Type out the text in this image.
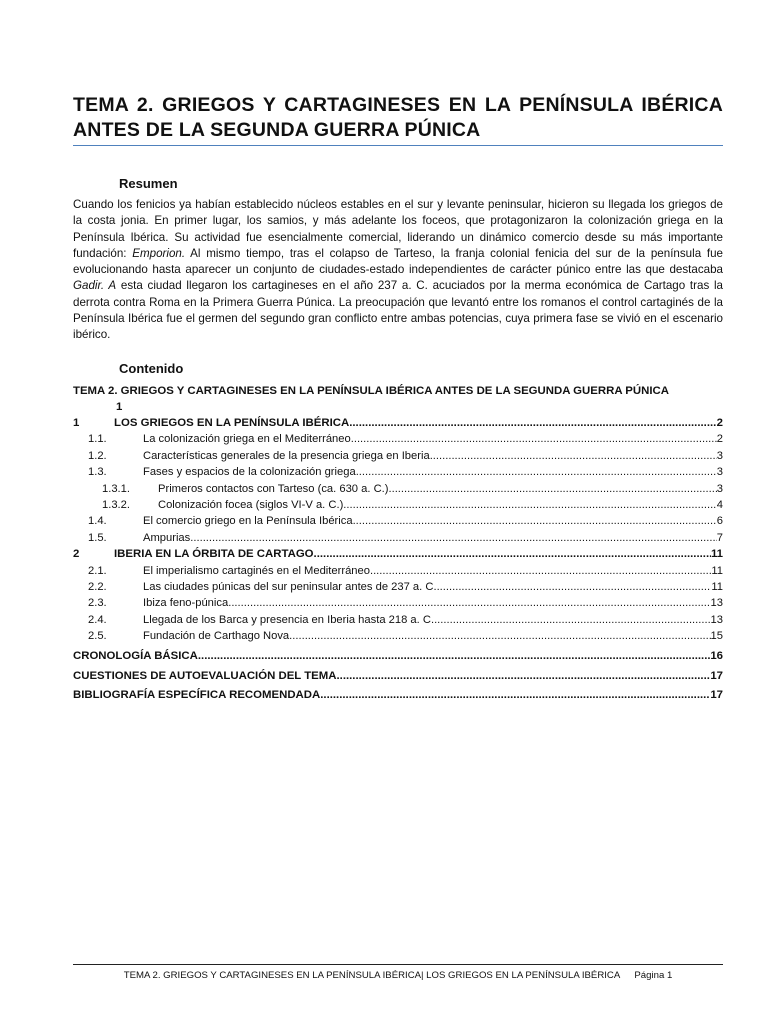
TEMA 2. GRIEGOS Y CARTAGINESES EN LA PENÍNSULA IBÉRICA ANTES DE LA SEGUNDA GUERRA PÚNICA
Resumen

Cuando los fenicios ya habían establecido núcleos estables en el sur y levante peninsular, hicieron su llegada los griegos de la costa jonia. En primer lugar, los samios, y más adelante los foceos, que protagonizaron la colonización griega en la Península Ibérica. Su actividad fue esencialmente comercial, liderando un dinámico comercio desde su más importante fundación: Emporion. Al mismo tiempo, tras el colapso de Tarteso, la franja colonial fenicia del sur de la península fue evolucionando hasta aparecer un conjunto de ciudades-estado independientes de carácter púnico entre las que destacaba Gadir. A esta ciudad llegaron los cartagineses en el año 237 a. C. acuciados por la merma económica de Cartago tras la derrota contra Roma en la Primera Guerra Púnica. La preocupación que levantó entre los romanos el control cartaginés de la Península Ibérica fue el germen del segundo gran conflicto entre ambas potencias, cuya primera fase se vivió en el escenario ibérico.

Contenido
TEMA 2. GRIEGOS Y CARTAGINESES EN LA PENÍNSULA IBÉRICA ANTES DE LA SEGUNDA GUERRA PÚNICA
1
1	LOS GRIEGOS EN LA PENÍNSULA IBÉRICA .....	2
1.1.	La colonización griega en el Mediterráneo .....	2
1.2.	Características generales de la presencia griega en Iberia .....	3
1.3.	Fases y espacios de la colonización griega .....	3
1.3.1.	Primeros contactos con Tarteso (ca. 630 a. C.) .....	3
1.3.2.	Colonización focea (siglos VI-V a. C.) .....	4
1.4.	El comercio griego en la Península Ibérica .....	6
1.5.	Ampurias .....	7
2	IBERIA EN LA ÓRBITA DE CARTAGO .....	11
2.1.	El imperialismo cartaginés en el Mediterráneo .....	11
2.2.	Las ciudades púnicas del sur peninsular antes de 237 a. C. .....	11
2.3.	Ibiza feno-púnica .....	13
2.4.	Llegada de los Barca y presencia en Iberia hasta 218 a. C. .....	13
2.5.	Fundación de Carthago Nova .....	15
CRONOLOGÍA BÁSICA .....	16
CUESTIONES DE AUTOEVALUACIÓN DEL TEMA .....	17
BIBLIOGRAFÍA ESPECÍFICA RECOMENDADA .....	17
TEMA 2. GRIEGOS Y CARTAGINESES EN LA PENÍNSULA IBÉRICA| LOS GRIEGOS EN LA PENÍNSULA IBÉRICA Página 1
